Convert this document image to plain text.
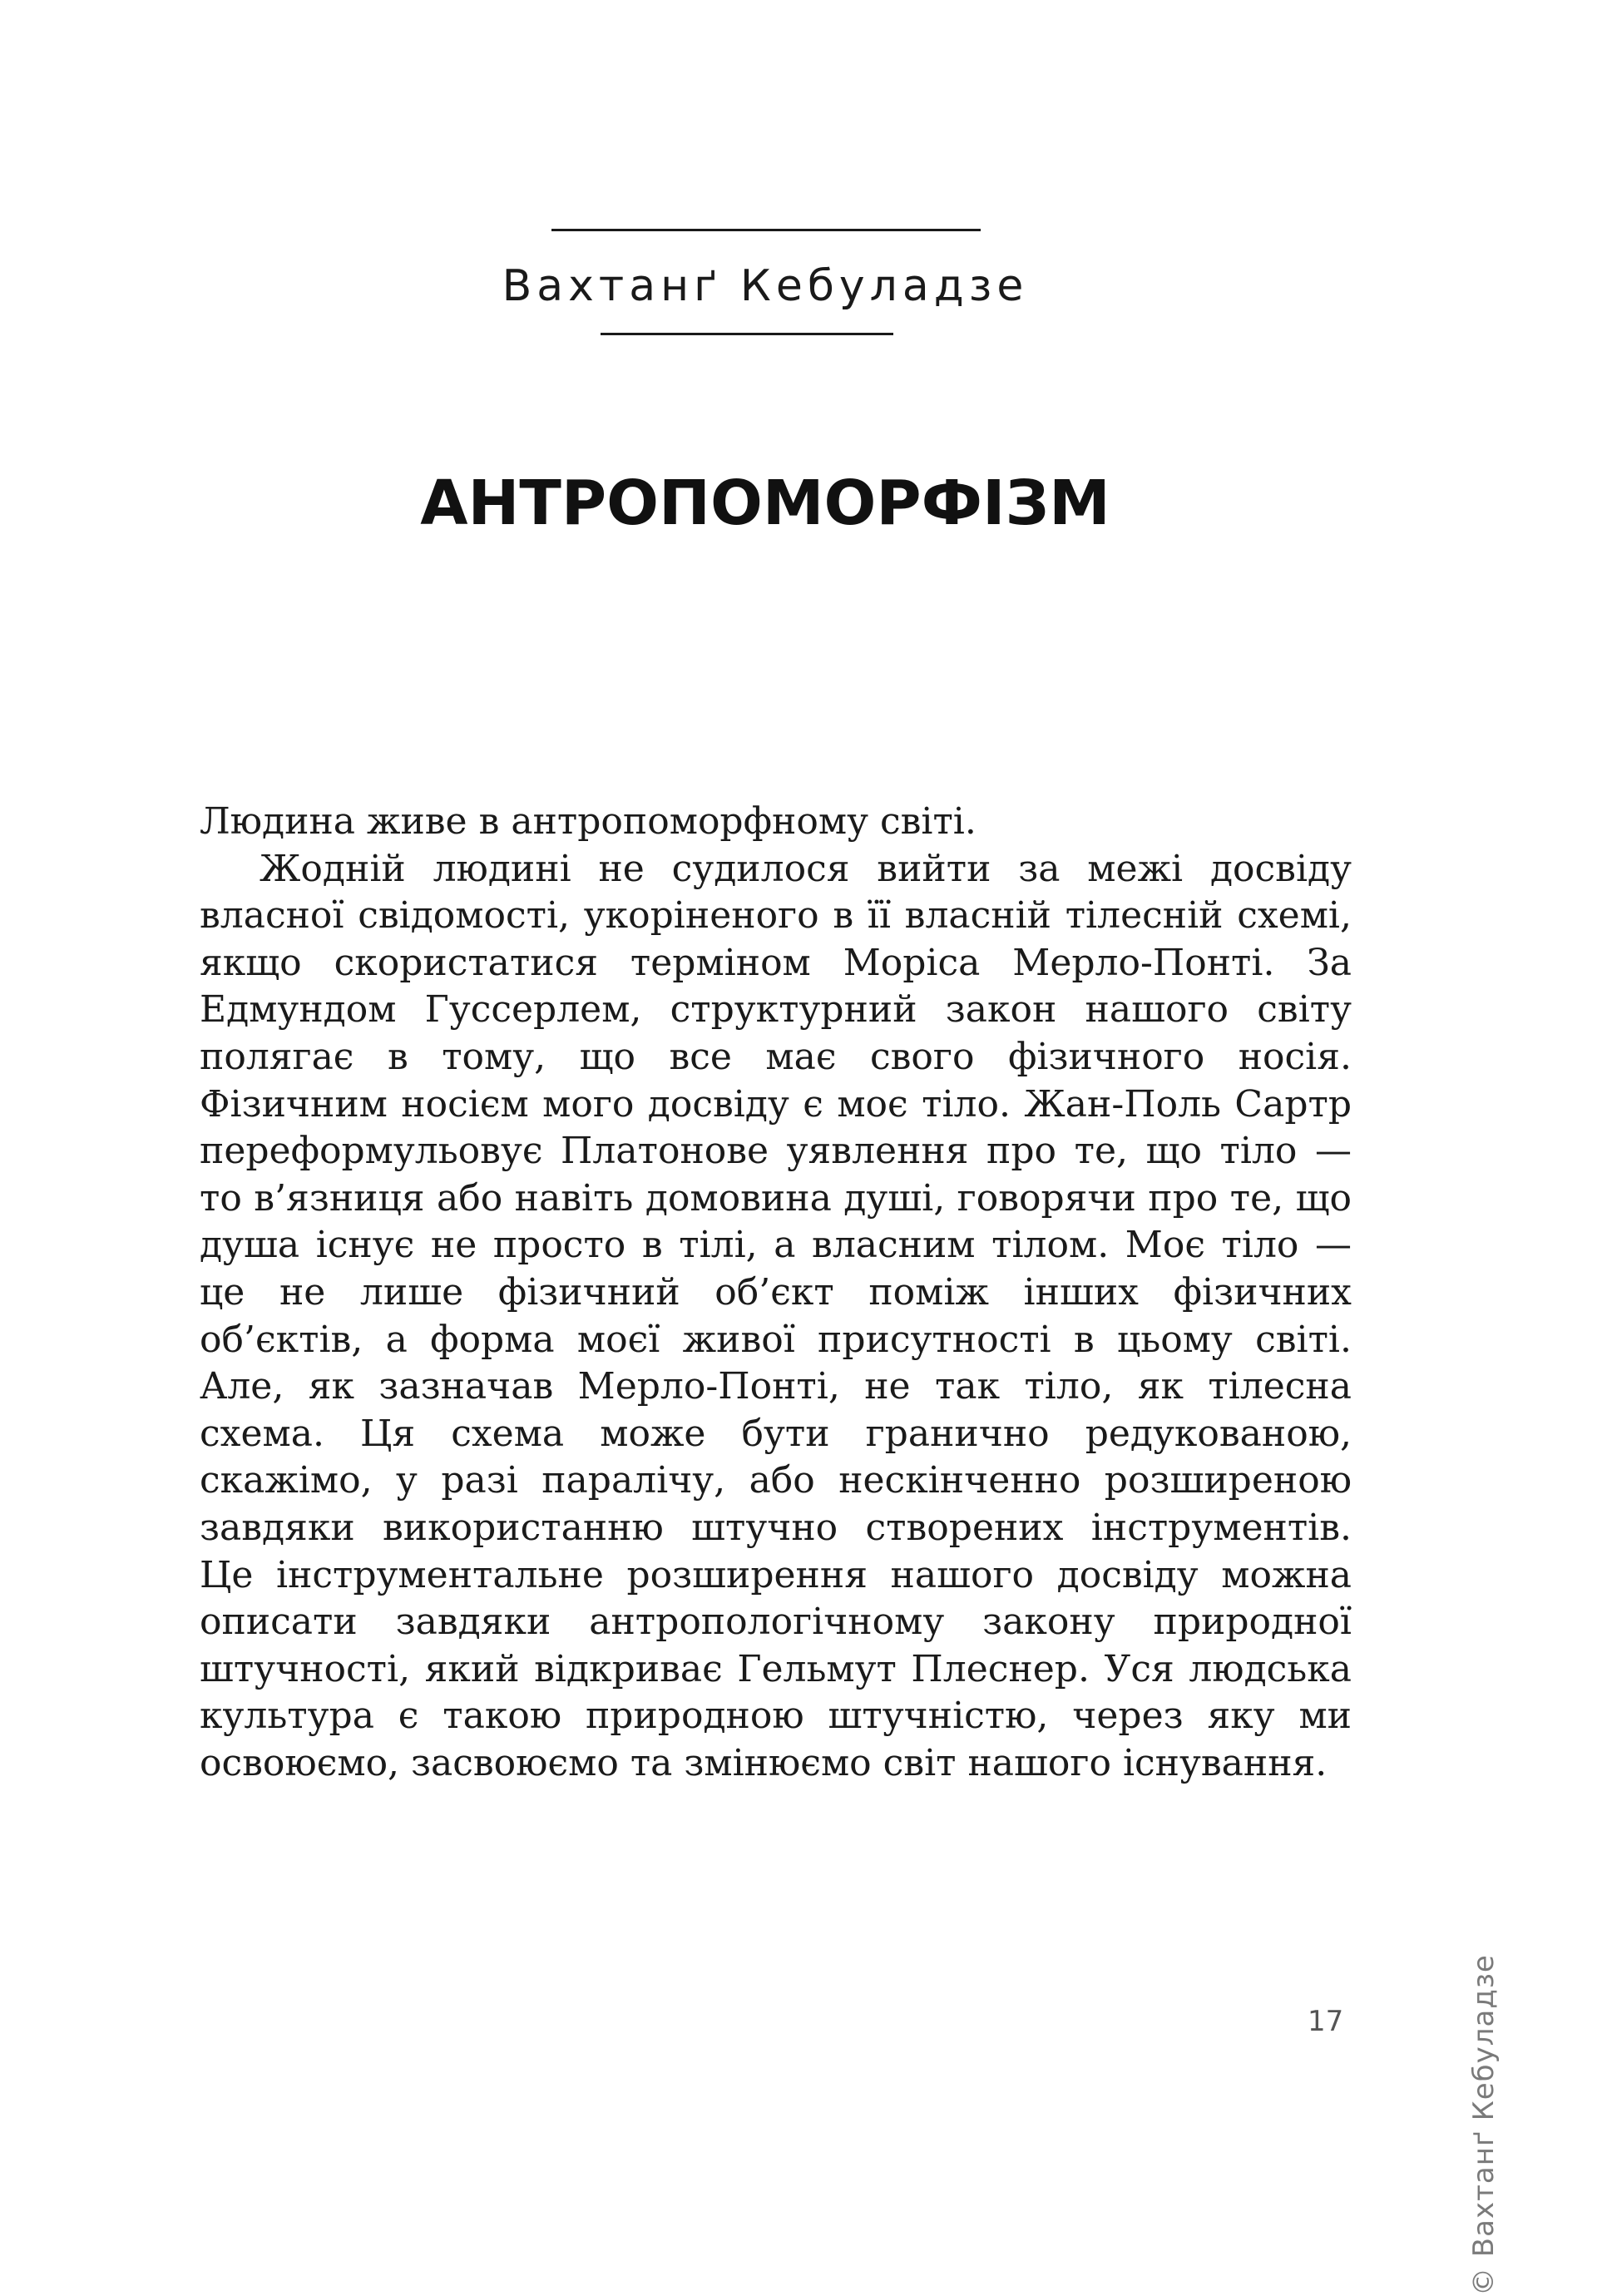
Вахтанґ Кебуладзе
АНТРОПОМОРФІЗМ

Людина живе в антропоморфному світі.

Жодній людині не судилося вийти за межі досвіду власної свідомості, укоріненого в її власній тілесній схемі, якщо скористатися терміном Моріса Мерло-Понті. За Едмундом Гуссерлем, структурний закон нашого світу полягає в тому, що все має свого фізичного носія. Фізичним носієм мого досвіду є моє тіло. Жан-Поль Сартр переформульовує Платонове уявлення про те, що тіло — то в’язниця або навіть домовина душі, говорячи про те, що душа існує не просто в тілі, а власним тілом. Моє тіло — це не лише фізичний об’єкт поміж інших фізичних об’єктів, а форма моєї живої присутності в цьому світі. Але, як зазначав Мерло-Понті, не так тіло, як тілесна схема. Ця схема може бути гранично редукованою, скажімо, у разі паралічу, або нескінченно розширеною завдяки використанню штучно створених інструментів. Це інструментальне розширення нашого досвіду можна описати завдяки антропологічному закону природної штучності, який відкриває Гельмут Плеснер. Уся людська культура є такою природною штучністю, через яку ми освоюємо, засвоюємо та змінюємо світ нашого існування.

© Вахтанґ Кебуладзе
17
